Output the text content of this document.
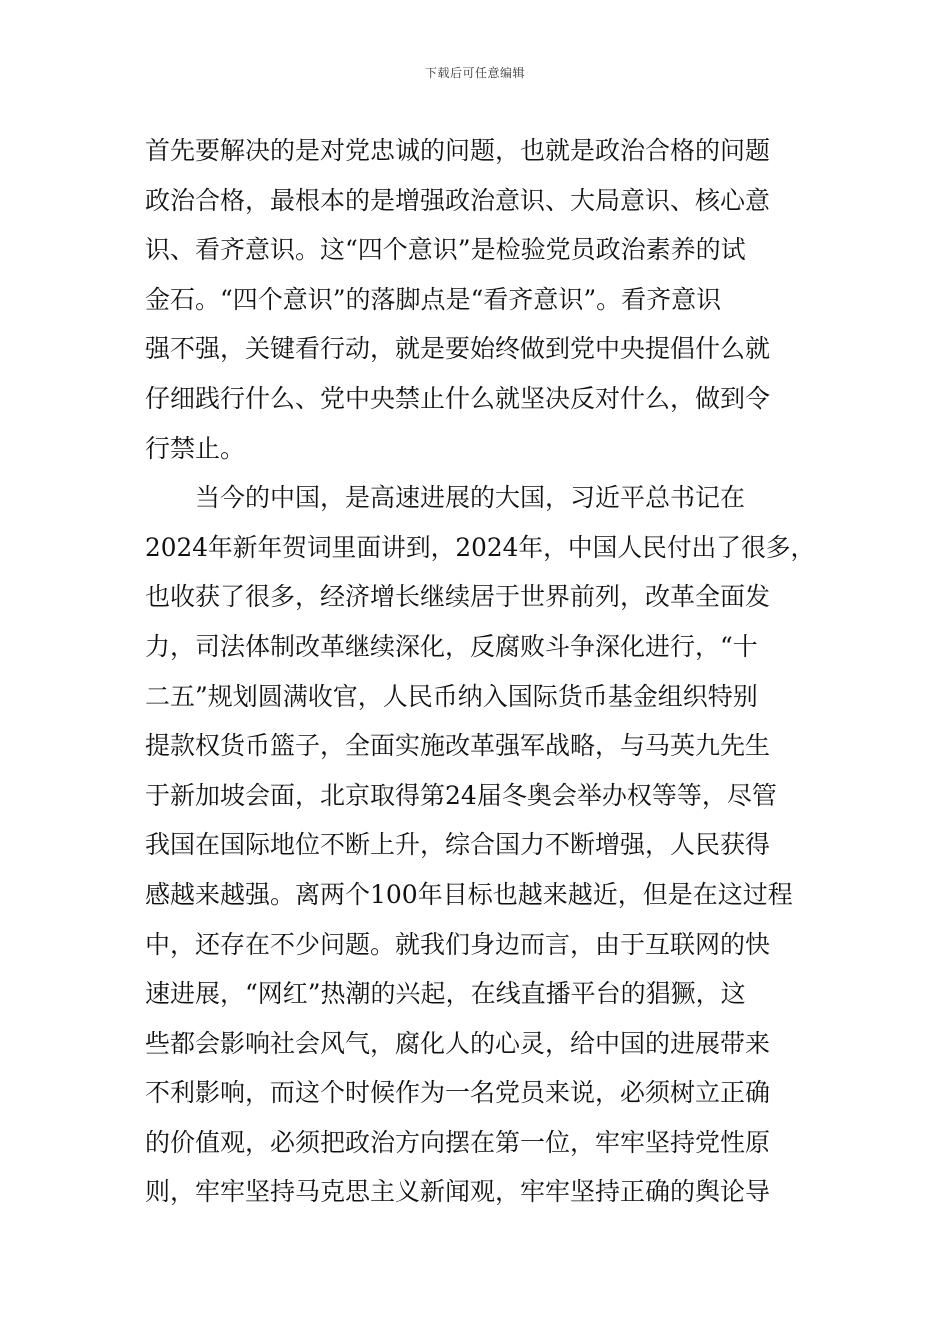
下载后可任意编辑
首先要解决的是对党忠诚的问题，也就是政治合格的问题
政治合格，最根本的是增强政治意识、大局意识、核心意
识、看齐意识。这“四个意识”是检验党员政治素养的试
金石。“四个意识”的落脚点是“看齐意识”。看齐意识
强不强，关键看行动，就是要始终做到党中央提倡什么就
仔细践行什么、党中央禁止什么就坚决反对什么，做到令
行禁止。
　　当今的中国，是高速进展的大国，习近平总书记在
2024年新年贺词里面讲到，2024年，中国人民付出了很多，
也收获了很多，经济增长继续居于世界前列，改革全面发
力，司法体制改革继续深化，反腐败斗争深化进行，“十
二五”规划圆满收官，人民币纳入国际货币基金组织特别
提款权货币篮子，全面实施改革强军战略，与马英九先生
于新加坡会面，北京取得第24届冬奥会举办权等等，尽管
我国在国际地位不断上升，综合国力不断增强，人民获得
感越来越强。离两个100年目标也越来越近，但是在这过程
中，还存在不少问题。就我们身边而言，由于互联网的快
速进展，“网红”热潮的兴起，在线直播平台的猖獗，这
些都会影响社会风气，腐化人的心灵，给中国的进展带来
不利影响，而这个时候作为一名党员来说，必须树立正确
的价值观，必须把政治方向摆在第一位，牢牢坚持党性原
则，牢牢坚持马克思主义新闻观，牢牢坚持正确的舆论导
